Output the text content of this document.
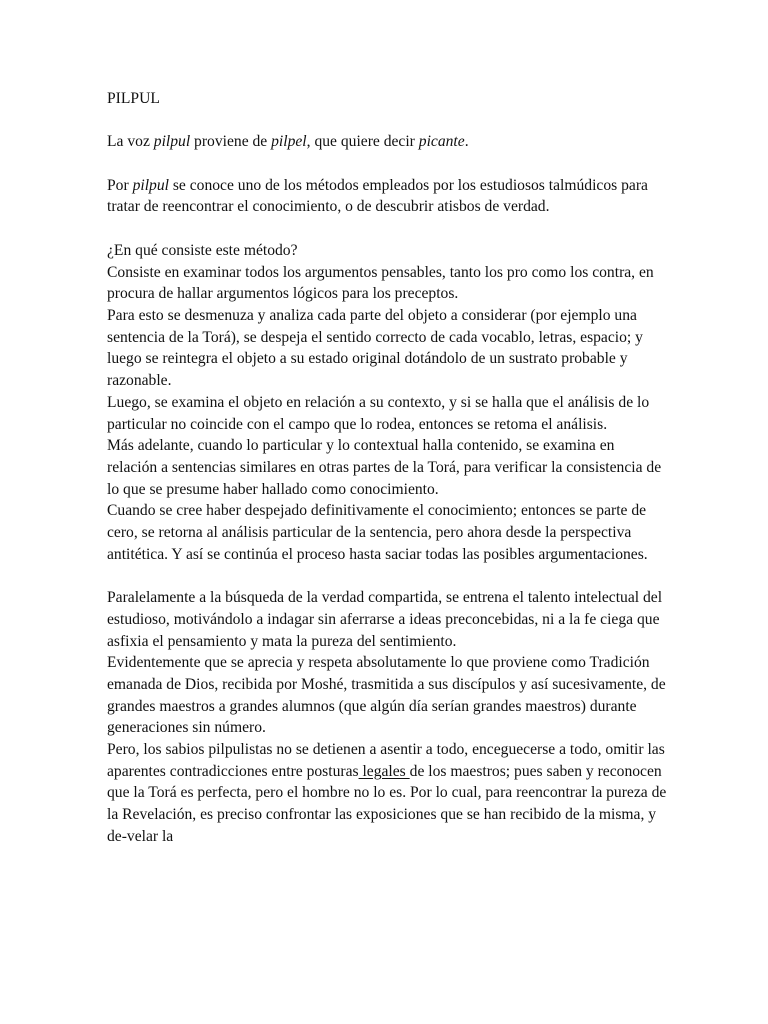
PILPUL

La voz pilpul proviene de pilpel, que quiere decir picante.

Por pilpul se conoce uno de los métodos empleados por los estudiosos talmúdicos para tratar de reencontrar el conocimiento, o de descubrir atisbos de verdad.

¿En qué consiste este método?

Consiste en examinar todos los argumentos pensables, tanto los pro como los contra, en procura de hallar argumentos lógicos para los preceptos.

Para esto se desmenuza y analiza cada parte del objeto a considerar (por ejemplo una sentencia de la Torá), se despeja el sentido correcto de cada vocablo, letras, espacio; y luego se reintegra el objeto a su estado original dotándolo de un sustrato probable y razonable.

Luego, se examina el objeto en relación a su contexto, y si se halla que el análisis de lo particular no coincide con el campo que lo rodea, entonces se retoma el análisis.

Más adelante, cuando lo particular y lo contextual halla contenido, se examina en relación a sentencias similares en otras partes de la Torá, para verificar la consistencia de lo que se presume haber hallado como conocimiento.

Cuando se cree haber despejado definitivamente el conocimiento; entonces se parte de cero, se retorna al análisis particular de la sentencia, pero ahora desde la perspectiva antitética. Y así se continúa el proceso hasta saciar todas las posibles argumentaciones.

Paralelamente a la búsqueda de la verdad compartida, se entrena el talento intelectual del estudioso, motivándolo a indagar sin aferrarse a ideas preconcebidas, ni a la fe ciega que asfixia el pensamiento y mata la pureza del sentimiento.

Evidentemente que se aprecia y respeta absolutamente lo que proviene como Tradición emanada de Dios, recibida por Moshé, trasmitida a sus discípulos y así sucesivamente, de grandes maestros a grandes alumnos (que algún día serían grandes maestros) durante generaciones sin número.

Pero, los sabios pilpulistas no se detienen a asentir a todo, enceguecerse a todo, omitir las aparentes contradicciones entre posturas legales de los maestros; pues saben y reconocen que la Torá es perfecta, pero el hombre no lo es. Por lo cual, para reencontrar la pureza de la Revelación, es preciso confrontar las exposiciones que se han recibido de la misma, y de-velar la
